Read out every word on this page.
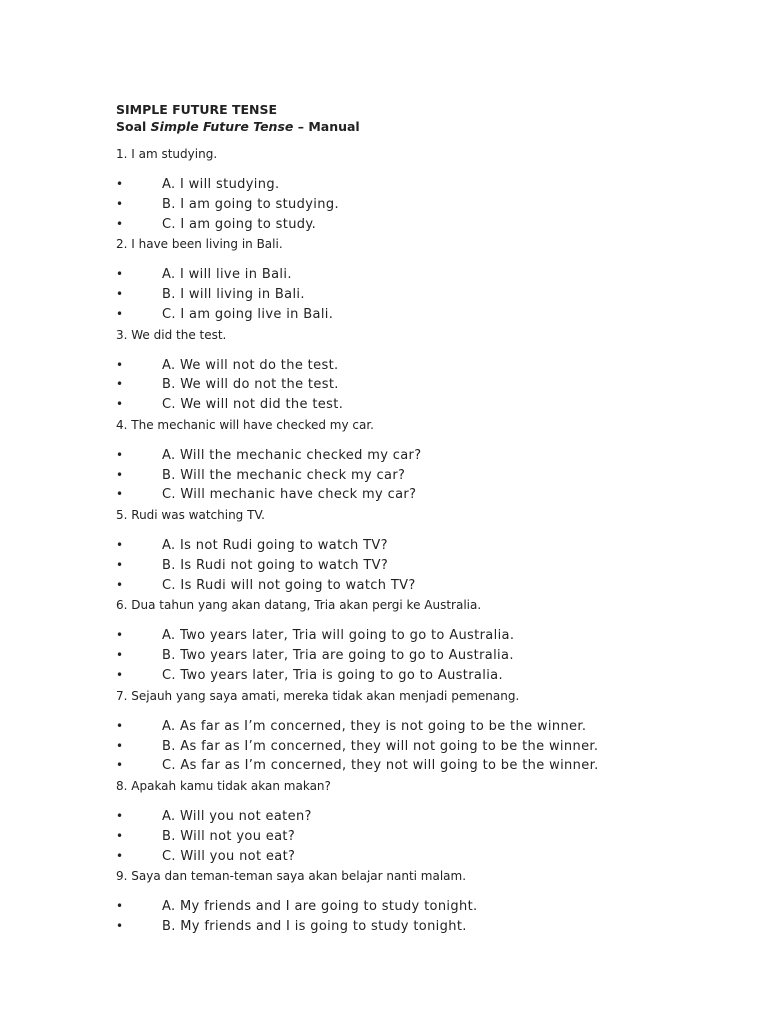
SIMPLE FUTURE TENSE
Soal Simple Future Tense – Manual
1. I am studying.
•	A. I will studying.
•	B. I am going to studying.
•	C. I am going to study.
2. I have been living in Bali.
•	A. I will live in Bali.
•	B. I will living in Bali.
•	C. I am going live in Bali.
3. We did the test.
•	A. We will not do the test.
•	B. We will do not the test.
•	C. We will not did the test.
4. The mechanic will have checked my car.
•	A. Will the mechanic checked my car?
•	B. Will the mechanic check my car?
•	C. Will mechanic have check my car?
5. Rudi was watching TV.
•	A. Is not Rudi going to watch TV?
•	B. Is Rudi not going to watch TV?
•	C. Is Rudi will not going to watch TV?
6. Dua tahun yang akan datang, Tria akan pergi ke Australia.
•	A. Two years later, Tria will going to go to Australia.
•	B. Two years later, Tria are going to go to Australia.
•	C. Two years later, Tria is going to go to Australia.
7. Sejauh yang saya amati, mereka tidak akan menjadi pemenang.
•	A. As far as I’m concerned, they is not going to be the winner.
•	B. As far as I’m concerned, they will not going to be the winner.
•	C. As far as I’m concerned, they not will going to be the winner.
8. Apakah kamu tidak akan makan?
•	A. Will you not eaten?
•	B. Will not you eat?
•	C. Will you not eat?
9. Saya dan teman-teman saya akan belajar nanti malam.
•	A. My friends and I are going to study tonight.
•	B. My friends and I is going to study tonight.
